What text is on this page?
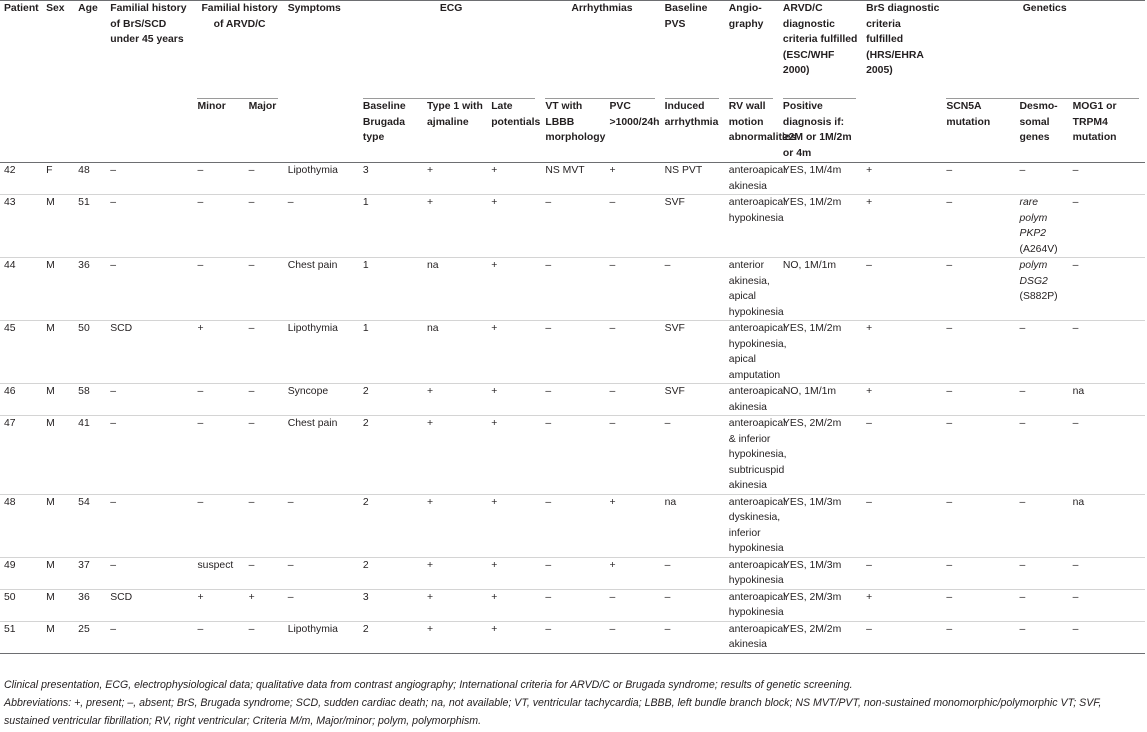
Patient	Sex	Age	Familial history of BrS/SCD under 45 years	Familial history of ARVD/C		Symptoms	ECG			Arrhythmias		Baseline PVS	Angio-graphy	ARVD/C diagnostic criteria fulfilled (ESC/WHF 2000)	BrS diagnostic criteria fulfilled (HRS/EHRA 2005)	Genetics		
				Minor	Major		Baseline Brugada type	Type 1 with ajmaline	Late potentials	VT with LBBB morphology	PVC >1000/24h	Induced arrhythmia	RV wall motion abnormalities	Positive diagnosis if: ≥2M or 1M/2m or 4m		SCN5A mutation	Desmo-somal genes	MOG1 or TRPM4 mutation
42	F	48	–	–	–	Lipothymia	3	+	+	NS MVT	+	NS PVT	anteroapical akinesia	YES, 1M/4m	+	–	–	–
43	M	51	–	–	–	–	1	+	+	–	–	SVF	anteroapical hypokinesia	YES, 1M/2m	+	–	rare polym PKP2 (A264V)	–
44	M	36	–	–	–	Chest pain	1	na	+	–	–	–	anterior akinesia, apical hypokinesia	NO, 1M/1m	–	–	polym DSG2 (S882P)	–
45	M	50	SCD	+	–	Lipothymia	1	na	+	–	–	SVF	anteroapical hypokinesia, apical amputation	YES, 1M/2m	+	–	–	–
46	M	58	–	–	–	Syncope	2	+	+	–	–	SVF	anteroapical akinesia	NO, 1M/1m	+	–	–	na
47	M	41	–	–	–	Chest pain	2	+	+	–	–	–	anteroapical & inferior hypokinesia, subtricuspid akinesia	YES, 2M/2m	–	–	–	–
48	M	54	–	–	–	–	2	+	+	–	+	na	anteroapical dyskinesia, inferior hypokinesia	YES, 1M/3m	–	–	–	na
49	M	37	–	suspect	–	–	2	+	+	–	+	–	anteroapical hypokinesia	YES, 1M/3m	–	–	–	–
50	M	36	SCD	+	+	–	3	+	+	–	–	–	anteroapical hypokinesia	YES, 2M/3m	+	–	–	–
51	M	25	–	–	–	Lipothymia	2	+	+	–	–	–	anteroapical akinesia	YES, 2M/2m	–	–	–	–

Clinical presentation, ECG, electrophysiological data; qualitative data from contrast angiography; International criteria for ARVD/C or Brugada syndrome; results of genetic screening.

Abbreviations: +, present; –, absent; BrS, Brugada syndrome; SCD, sudden cardiac death; na, not available; VT, ventricular tachycardia; LBBB, left bundle branch block; NS MVT/PVT, non-sustained monomorphic/polymorphic VT; SVF, sustained ventricular fibrillation; RV, right ventricular; Criteria M/m, Major/minor; polym, polymorphism.
